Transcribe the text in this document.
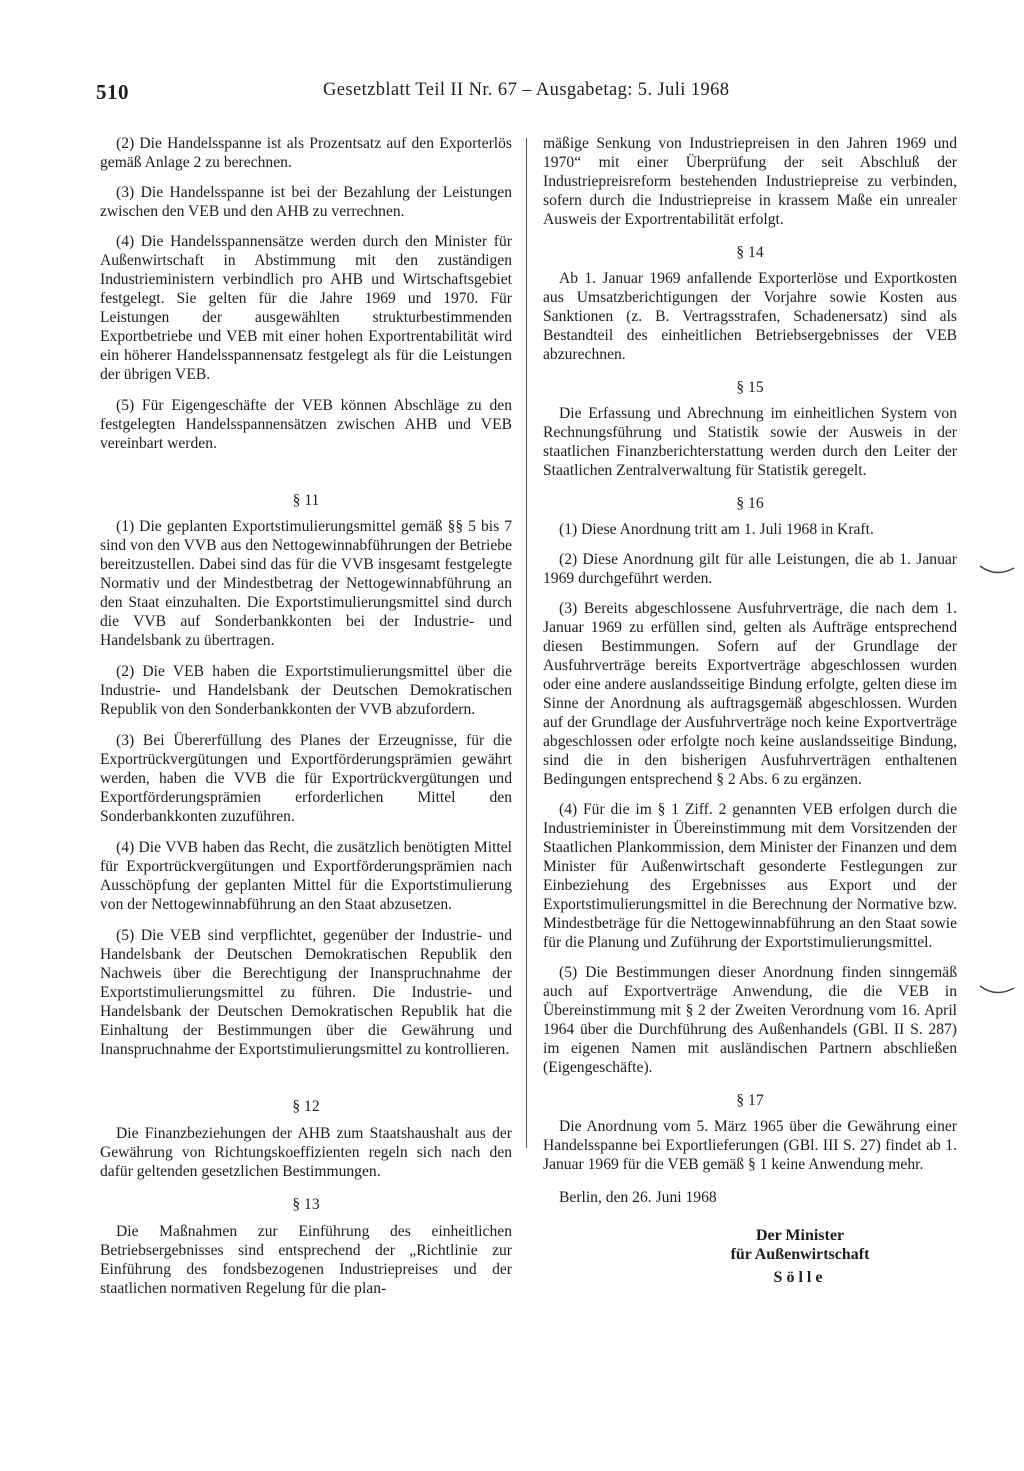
510	Gesetzblatt Teil II Nr. 67 – Ausgabetag: 5. Juli 1968

(2) Die Handelsspanne ist als Prozentsatz auf den Exporterlös gemäß Anlage 2 zu berechnen.

(3) Die Handelsspanne ist bei der Bezahlung der Leistungen zwischen den VEB und den AHB zu verrechnen.

(4) Die Handelsspannensätze werden durch den Minister für Außenwirtschaft in Abstimmung mit den zuständigen Industrieministern verbindlich pro AHB und Wirtschaftsgebiet festgelegt. Sie gelten für die Jahre 1969 und 1970. Für Leistungen der ausgewählten strukturbestimmenden Exportbetriebe und VEB mit einer hohen Exportrentabilität wird ein höherer Handelsspannensatz festgelegt als für die Leistungen der übrigen VEB.

(5) Für Eigengeschäfte der VEB können Abschläge zu den festgelegten Handelsspannensätzen zwischen AHB und VEB vereinbart werden.

§ 11

(1) Die geplanten Exportstimulierungsmittel gemäß §§ 5 bis 7 sind von den VVB aus den Nettogewinnabführungen der Betriebe bereitzustellen. Dabei sind das für die VVB insgesamt festgelegte Normativ und der Mindestbetrag der Nettogewinnabführung an den Staat einzuhalten. Die Exportstimulierungsmittel sind durch die VVB auf Sonderbankkonten bei der Industrie- und Handelsbank zu übertragen.

(2) Die VEB haben die Exportstimulierungsmittel über die Industrie- und Handelsbank der Deutschen Demokratischen Republik von den Sonderbankkonten der VVB abzufordern.

(3) Bei Übererfüllung des Planes der Erzeugnisse, für die Exportrückvergütungen und Exportförderungsprämien gewährt werden, haben die VVB die für Exportrückvergütungen und Exportförderungsprämien erforderlichen Mittel den Sonderbankkonten zuzuführen.

(4) Die VVB haben das Recht, die zusätzlich benötigten Mittel für Exportrückvergütungen und Exportförderungsprämien nach Ausschöpfung der geplanten Mittel für die Exportstimulierung von der Nettogewinnabführung an den Staat abzusetzen.

(5) Die VEB sind verpflichtet, gegenüber der Industrie- und Handelsbank der Deutschen Demokratischen Republik den Nachweis über die Berechtigung der Inanspruchnahme der Exportstimulierungsmittel zu führen. Die Industrie- und Handelsbank der Deutschen Demokratischen Republik hat die Einhaltung der Bestimmungen über die Gewährung und Inanspruchnahme der Exportstimulierungsmittel zu kontrollieren.

§ 12

Die Finanzbeziehungen der AHB zum Staatshaushalt aus der Gewährung von Richtungskoeffizienten regeln sich nach den dafür geltenden gesetzlichen Bestimmungen.

§ 13

Die Maßnahmen zur Einführung des einheitlichen Betriebsergebnisses sind entsprechend der „Richtlinie zur Einführung des fondsbezogenen Industriepreises und der staatlichen normativen Regelung für die plan-

mäßige Senkung von Industriepreisen in den Jahren 1969 und 1970“ mit einer Überprüfung der seit Abschluß der Industriepreisreform bestehenden Industriepreise zu verbinden, sofern durch die Industriepreise in krassem Maße ein unrealer Ausweis der Exportrentabilität erfolgt.

§ 14

Ab 1. Januar 1969 anfallende Exporterlöse und Exportkosten aus Umsatzberichtigungen der Vorjahre sowie Kosten aus Sanktionen (z. B. Vertragsstrafen, Schadenersatz) sind als Bestandteil des einheitlichen Betriebsergebnisses der VEB abzurechnen.

§ 15

Die Erfassung und Abrechnung im einheitlichen System von Rechnungsführung und Statistik sowie der Ausweis in der staatlichen Finanzberichterstattung werden durch den Leiter der Staatlichen Zentralverwaltung für Statistik geregelt.

§ 16

(1) Diese Anordnung tritt am 1. Juli 1968 in Kraft.

(2) Diese Anordnung gilt für alle Leistungen, die ab 1. Januar 1969 durchgeführt werden.

(3) Bereits abgeschlossene Ausfuhrverträge, die nach dem 1. Januar 1969 zu erfüllen sind, gelten als Aufträge entsprechend diesen Bestimmungen. Sofern auf der Grundlage der Ausfuhrverträge bereits Exportverträge abgeschlossen wurden oder eine andere auslandsseitige Bindung erfolgte, gelten diese im Sinne der Anordnung als auftragsgemäß abgeschlossen. Wurden auf der Grundlage der Ausfuhrverträge noch keine Exportverträge abgeschlossen oder erfolgte noch keine auslandsseitige Bindung, sind die in den bisherigen Ausfuhrverträgen enthaltenen Bedingungen entsprechend § 2 Abs. 6 zu ergänzen.

(4) Für die im § 1 Ziff. 2 genannten VEB erfolgen durch die Industrieminister in Übereinstimmung mit dem Vorsitzenden der Staatlichen Plankommission, dem Minister der Finanzen und dem Minister für Außenwirtschaft gesonderte Festlegungen zur Einbeziehung des Ergebnisses aus Export und der Exportstimulierungsmittel in die Berechnung der Normative bzw. Mindestbeträge für die Nettogewinnabführung an den Staat sowie für die Planung und Zuführung der Exportstimulierungsmittel.

(5) Die Bestimmungen dieser Anordnung finden sinngemäß auch auf Exportverträge Anwendung, die die VEB in Übereinstimmung mit § 2 der Zweiten Verordnung vom 16. April 1964 über die Durchführung des Außenhandels (GBl. II S. 287) im eigenen Namen mit ausländischen Partnern abschließen (Eigengeschäfte).

§ 17

Die Anordnung vom 5. März 1965 über die Gewährung einer Handelsspanne bei Exportlieferungen (GBl. III S. 27) findet ab 1. Januar 1969 für die VEB gemäß § 1 keine Anwendung mehr.

Berlin, den 26. Juni 1968

Der Minister

für Außenwirtschaft

Sölle
